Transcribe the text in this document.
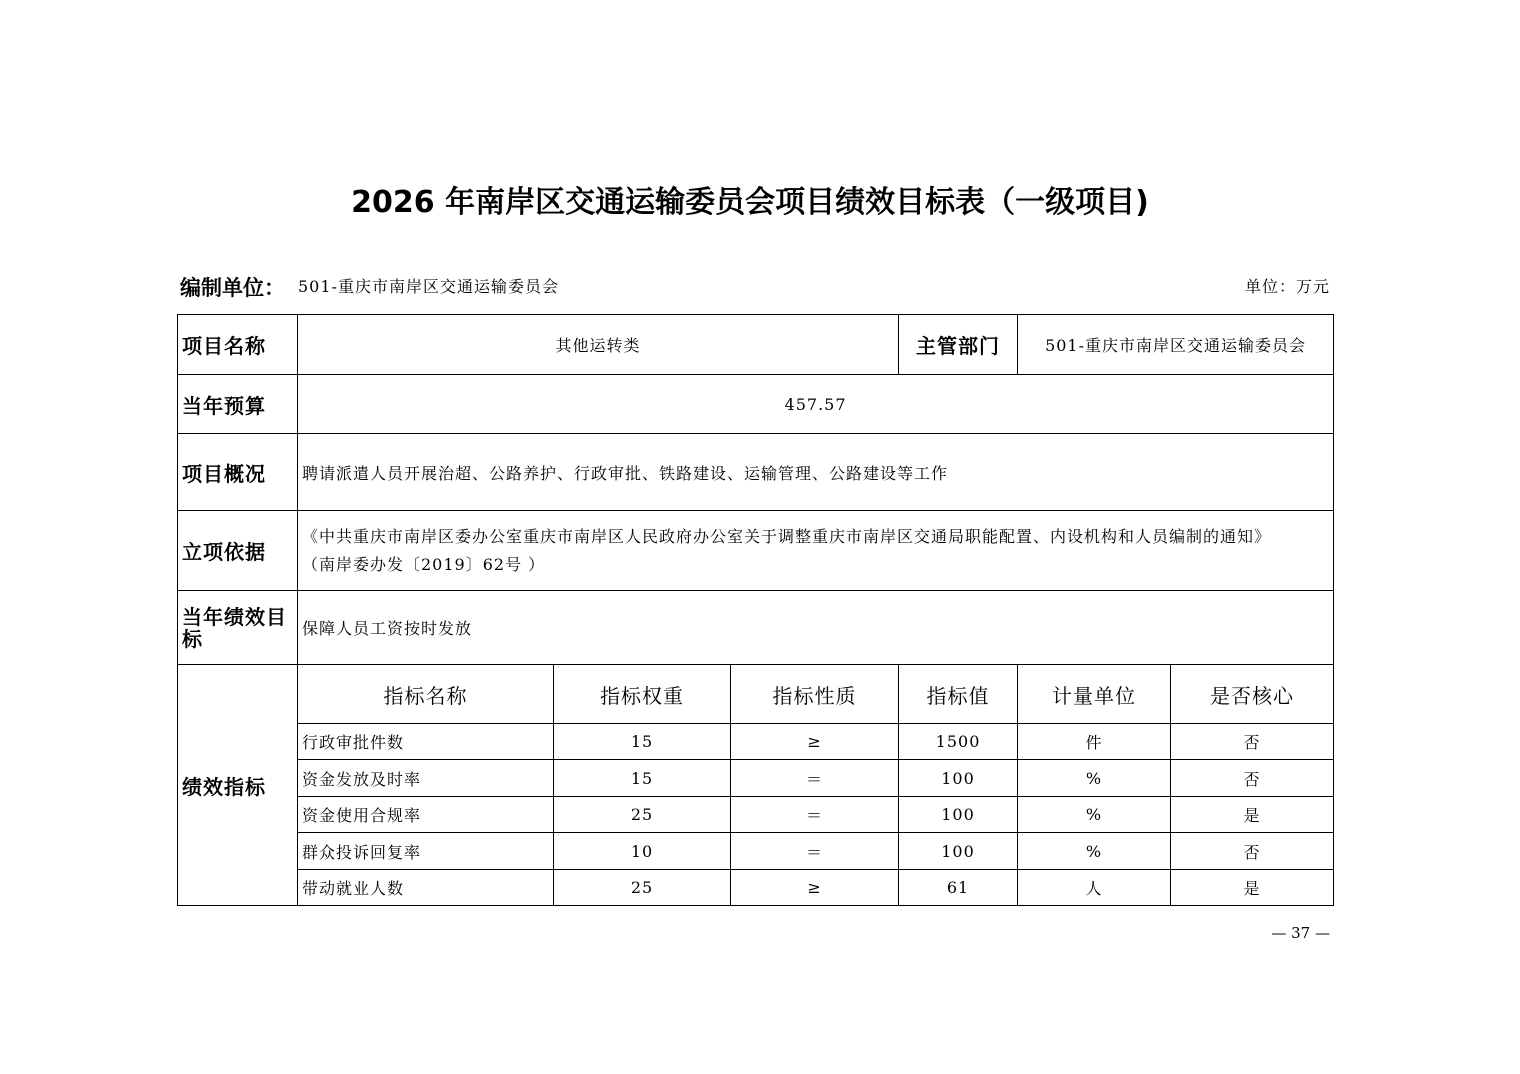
2026 年南岸区交通运输委员会项目绩效目标表（一级项目)
编制单位： 501-重庆市南岸区交通运输委员会	单位：万元
项目名称	其他运转类			主管部门	501-重庆市南岸区交通运输委员会	
当年预算	457.57					
项目概况	聘请派遣人员开展治超、公路养护、行政审批、铁路建设、运输管理、公路建设等工作					
立项依据	《中共重庆市南岸区委办公室重庆市南岸区人民政府办公室关于调整重庆市南岸区交通局职能配置、内设机构和人员编制的通知》
（南岸委办发〔2019〕62号 ）					

当年绩效目标	保障人员工资按时发放					
绩效指标	指标名称	指标权重	指标性质	指标值	计量单位	是否核心
	行政审批件数	15	≥	1500	件	否
	资金发放及时率	15	＝	100	%	否
	资金使用合规率	25	＝	100	%	是
	群众投诉回复率	10	＝	100	%	否
	带动就业人数	25	≥	61	人	是
— 37 —
